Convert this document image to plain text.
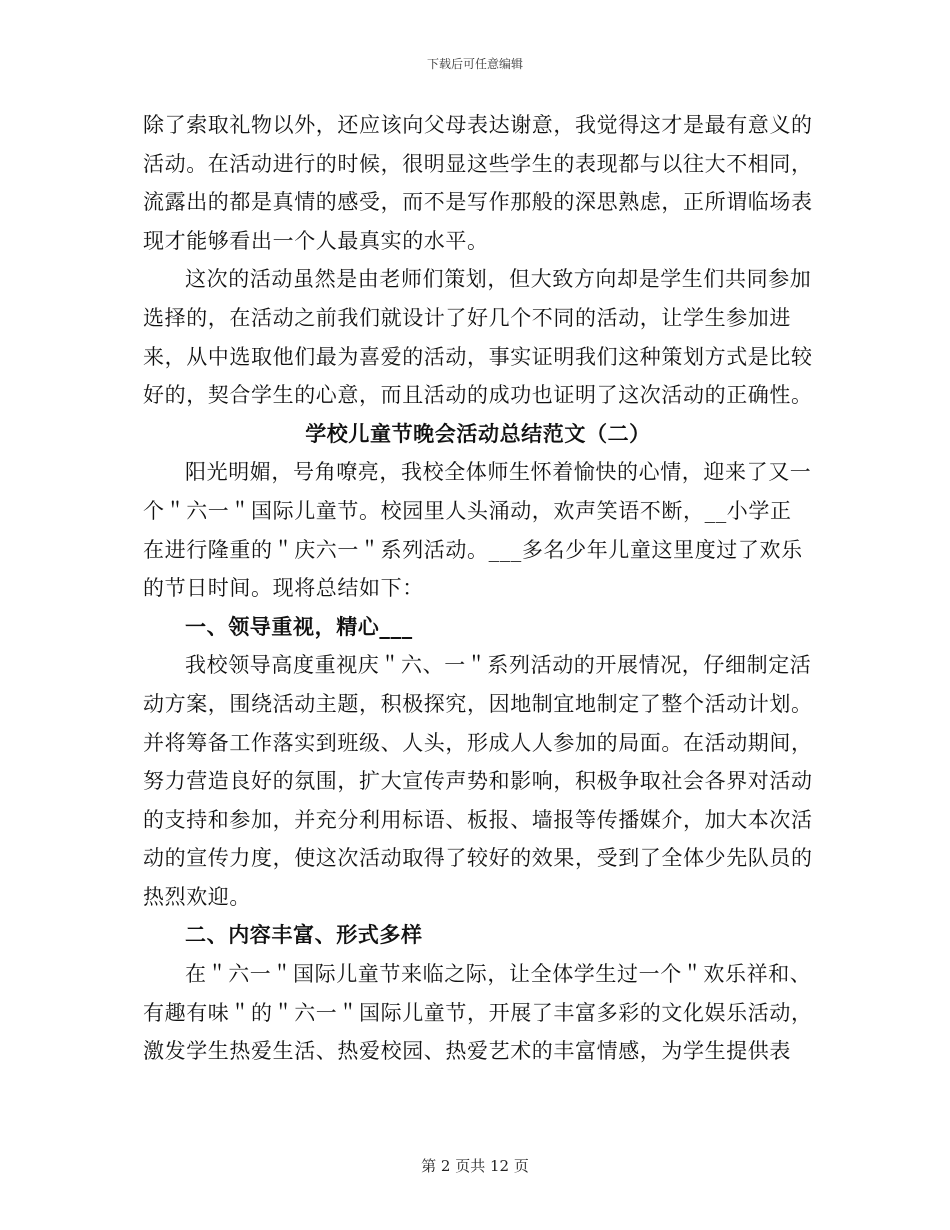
下载后可任意编辑

除了索取礼物以外，还应该向父母表达谢意，我觉得这才是最有意义的活动。在活动进行的时候，很明显这些学生的表现都与以往大不相同，流露出的都是真情的感受，而不是写作那般的深思熟虑，正所谓临场表现才能够看出一个人最真实的水平。

这次的活动虽然是由老师们策划，但大致方向却是学生们共同参加选择的，在活动之前我们就设计了好几个不同的活动，让学生参加进来，从中选取他们最为喜爱的活动，事实证明我们这种策划方式是比较好的，契合学生的心意，而且活动的成功也证明了这次活动的正确性。

学校儿童节晚会活动总结范文（二）

阳光明媚，号角嘹亮，我校全体师生怀着愉快的心情，迎来了又一个＂六一＂国际儿童节。校园里人头涌动，欢声笑语不断，__小学正在进行隆重的＂庆六一＂系列活动。___多名少年儿童这里度过了欢乐的节日时间。现将总结如下：

一、领导重视，精心___

我校领导高度重视庆＂六、一＂系列活动的开展情况，仔细制定活动方案，围绕活动主题，积极探究，因地制宜地制定了整个活动计划。并将筹备工作落实到班级、人头，形成人人参加的局面。在活动期间，努力营造良好的氛围，扩大宣传声势和影响，积极争取社会各界对活动的支持和参加，并充分利用标语、板报、墙报等传播媒介，加大本次活动的宣传力度，使这次活动取得了较好的效果，受到了全体少先队员的热烈欢迎。

二、内容丰富、形式多样

在＂六一＂国际儿童节来临之际，让全体学生过一个＂欢乐祥和、有趣有味＂的＂六一＂国际儿童节，开展了丰富多彩的文化娱乐活动，激发学生热爱生活、热爱校园、热爱艺术的丰富情感，为学生提供表

第 2 页共 12 页
